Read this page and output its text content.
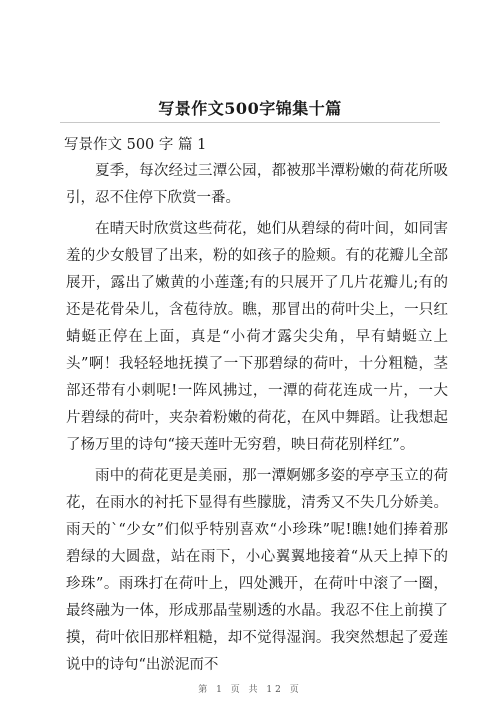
写景作文500字锦集十篇
写景作文 500 字 篇 1

夏季，每次经过三潭公园，都被那半潭粉嫩的荷花所吸引，忍不住停下欣赏一番。

在晴天时欣赏这些荷花，她们从碧绿的荷叶间，如同害羞的少女般冒了出来，粉的如孩子的脸颊。有的花瓣儿全部展开，露出了嫩黄的小莲蓬;有的只展开了几片花瓣儿;有的还是花骨朵儿，含苞待放。瞧，那冒出的荷叶尖上，一只红蜻蜓正停在上面，真是“小荷才露尖尖角，早有蜻蜓立上头”啊！我轻轻地抚摸了一下那碧绿的荷叶，十分粗糙，茎部还带有小刺呢!一阵风拂过，一潭的荷花连成一片，一大片碧绿的荷叶，夹杂着粉嫩的荷花，在风中舞蹈。让我想起了杨万里的诗句“接天莲叶无穷碧，映日荷花别样红”。

雨中的荷花更是美丽，那一潭婀娜多姿的亭亭玉立的荷花，在雨水的衬托下显得有些朦胧，清秀又不失几分娇美。雨天的`“少女”们似乎特别喜欢“小珍珠”呢!瞧!她们捧着那碧绿的大圆盘，站在雨下，小心翼翼地接着“从天上掉下的珍珠”。雨珠打在荷叶上，四处溅开，在荷叶中滚了一圈，最终融为一体，形成那晶莹剔透的水晶。我忍不住上前摸了摸，荷叶依旧那样粗糙，却不觉得湿润。我突然想起了爱莲说中的诗句“出淤泥而不

第 1 页 共 12 页
